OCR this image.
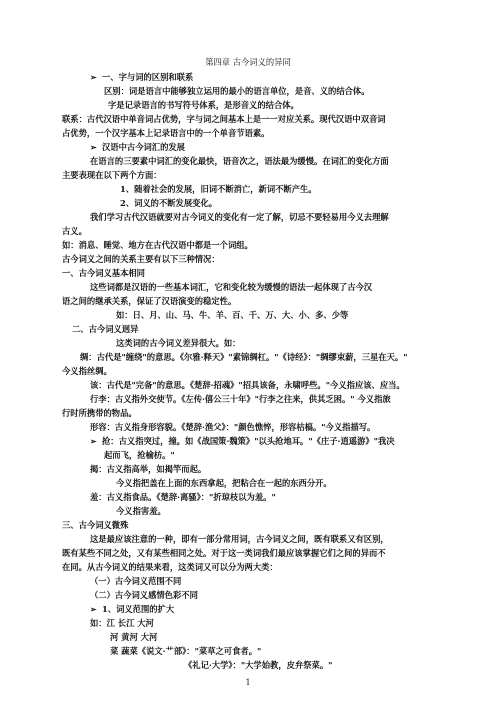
第四章 古今词义的异同
➢ 一、字与词的区别和联系
区别：词是语言中能够独立运用的最小的语言单位，是音、义的结合体。
字是记录语言的书写符号体系，是形音义的结合体。
联系：古代汉语中单音词占优势，字与词之间基本上是一一对应关系。现代汉语中双音词
占优势，一个汉字基本上记录语言中的一个单音节语素。
➢ 汉语中古今词汇的发展
在语言的三要素中词汇的变化最快，语音次之，语法最为缓慢。在词汇的变化方面
主要表现在以下两个方面：
1、随着社会的发展，旧词不断消亡，新词不断产生。
2、词义的不断发展变化。
我们学习古代汉语就要对古今词义的变化有一定了解，切忌不要轻易用今义去理解
古义。
如：消息、睡觉、地方在古代汉语中都是一个词组。
古今词义之间的关系主要有以下三种情况：
一、古今词义基本相同
这些词都是汉语的一些基本词汇，它和变化较为缓慢的语法一起体现了古今汉
语之间的继承关系，保证了汉语演变的稳定性。
如：日、月、山、马、牛、羊、百、千、万、大、小、多、少等
二、古今词义迥异
这类词的古今词义差异很大。如：
绸：古代是"缠绕"的意思。《尔雅·释天》"素锦绸杠。"《诗经》："绸缪束薪，三星在天。"
今义指丝绸。
该：古代是"完备"的意思。《楚辞·招魂》"招具该备，永啸呼些。"今义指应该、应当。
行李：古义指外交使节。《左传·僖公三十年》"行李之往来，供其乏困。" 今义指旅
行时所携带的物品。
形容：古义指身形容貌。《楚辞·渔父》："颜色憔悴，形容枯槁。"今义指描写。
➢ 抢：古义指突过，撞。如《战国策·魏策》"以头抢地耳。"《庄子·逍遥游》"我决
起而飞，抢榆枋。"
揭：古义指高举，如揭竿而起。
今义指把盖在上面的东西拿起，把粘合在一起的东西分开。
羞：古义指食品。《楚辞·离骚》："折琼枝以为羞。"
今义指害羞。
三、古今词义微殊
这是最应该注意的一种，即有一部分常用词，古今词义之间，既有联系又有区别，
既有某些不同之处，又有某些相同之处。对于这一类词我们最应该掌握它们之间的异而不
在同。从古今词义的结果来看，这类词又可以分为两大类：
（一）古今词义范围不同
（二）古今词义感情色彩不同
➢ 1、词义范围的扩大
如：江 长江 大河
河 黄河 大河
菜 蔬菜《说文·艹部》："菜草之可食者。"
《礼记·大学》："大学始教，皮弁祭菜。"
1
